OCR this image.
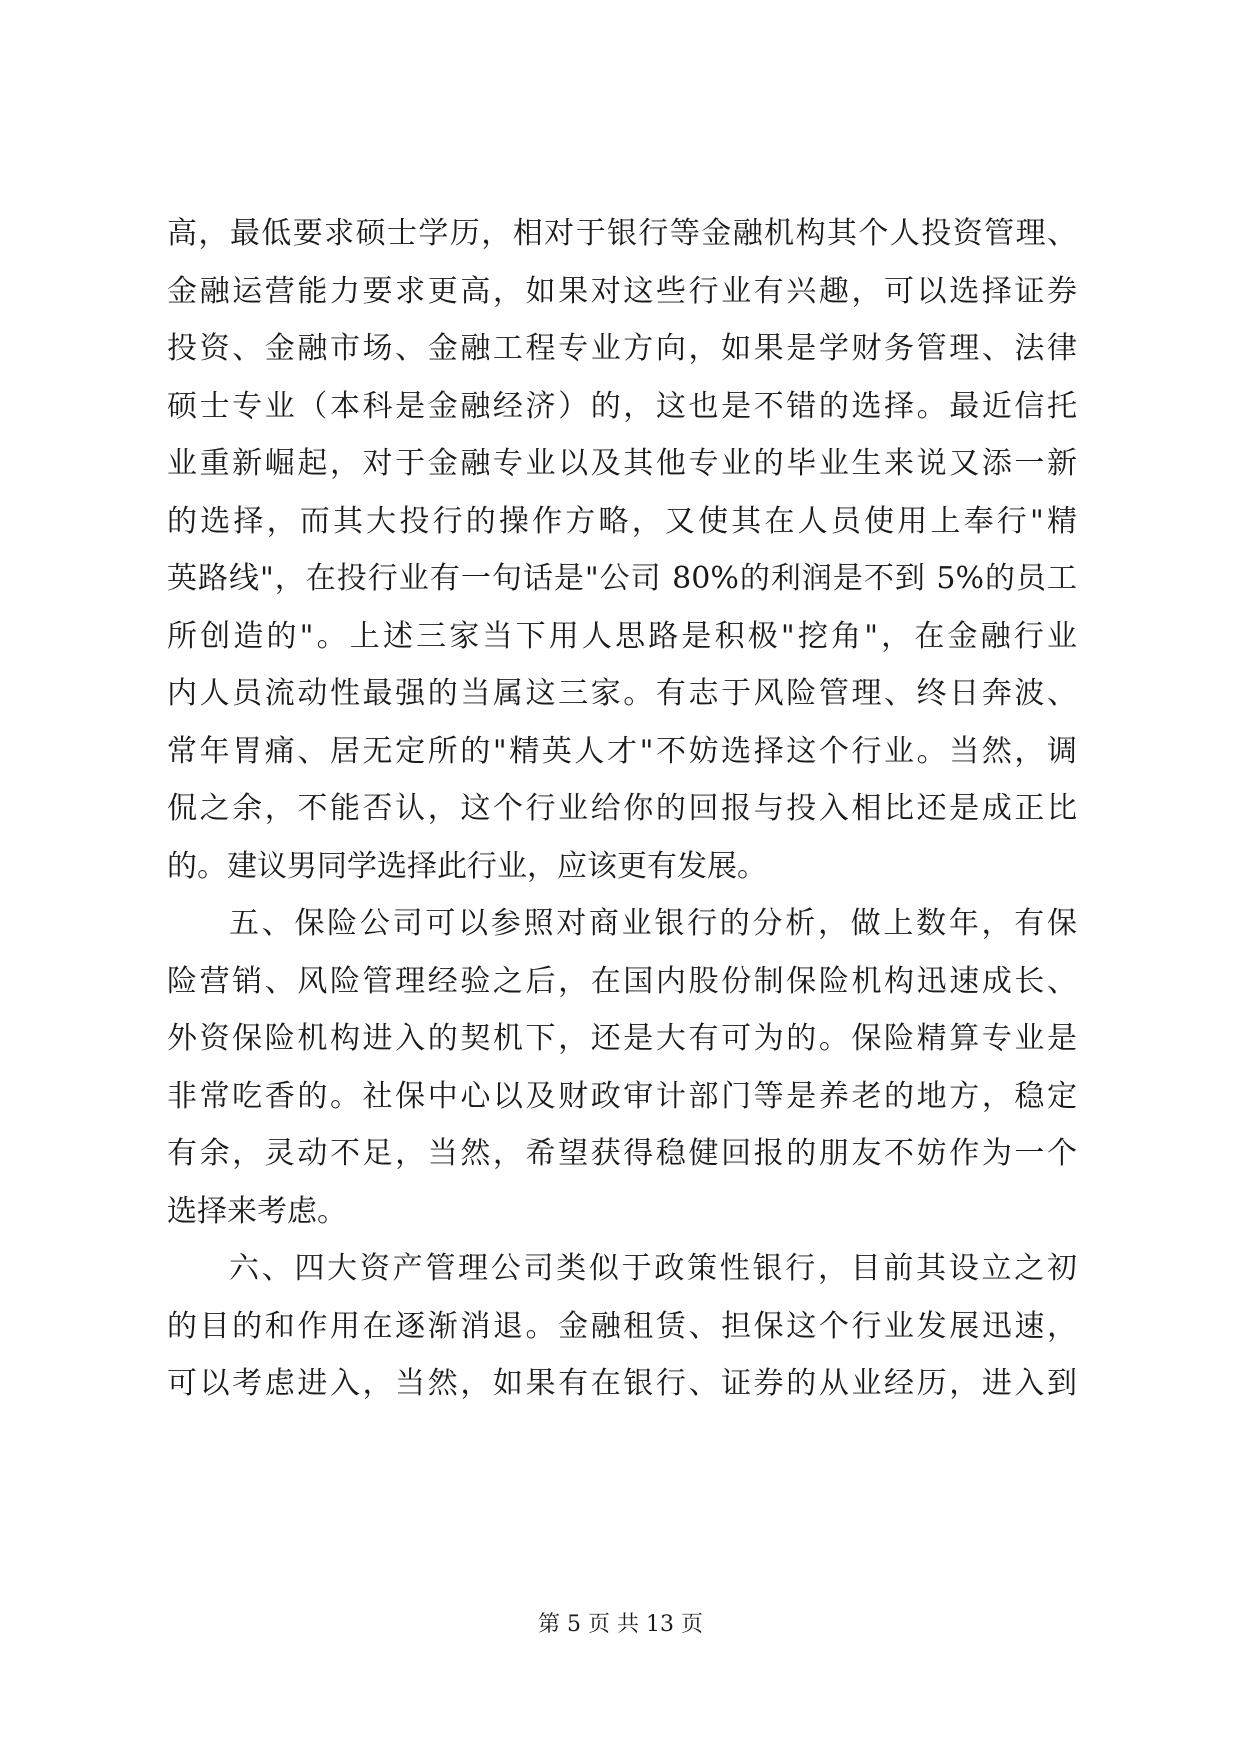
高，最低要求硕士学历，相对于银行等金融机构其个人投资管理、
金融运营能力要求更高，如果对这些行业有兴趣，可以选择证券
投资、金融市场、金融工程专业方向，如果是学财务管理、法律
硕士专业（本科是金融经济）的，这也是不错的选择。最近信托
业重新崛起，对于金融专业以及其他专业的毕业生来说又添一新
的选择，而其大投行的操作方略，又使其在人员使用上奉行"精
英路线"，在投行业有一句话是"公司 80%的利润是不到 5%的员工
所创造的"。上述三家当下用人思路是积极"挖角"，在金融行业
内人员流动性最强的当属这三家。有志于风险管理、终日奔波、
常年胃痛、居无定所的"精英人才"不妨选择这个行业。当然，调
侃之余，不能否认，这个行业给你的回报与投入相比还是成正比
的。建议男同学选择此行业，应该更有发展。
五、保险公司可以参照对商业银行的分析，做上数年，有保
险营销、风险管理经验之后，在国内股份制保险机构迅速成长、
外资保险机构进入的契机下，还是大有可为的。保险精算专业是
非常吃香的。社保中心以及财政审计部门等是养老的地方，稳定
有余，灵动不足，当然，希望获得稳健回报的朋友不妨作为一个
选择来考虑。
六、四大资产管理公司类似于政策性银行，目前其设立之初
的目的和作用在逐渐消退。金融租赁、担保这个行业发展迅速，
可以考虑进入，当然，如果有在银行、证券的从业经历，进入到
第 5 页 共 13 页
